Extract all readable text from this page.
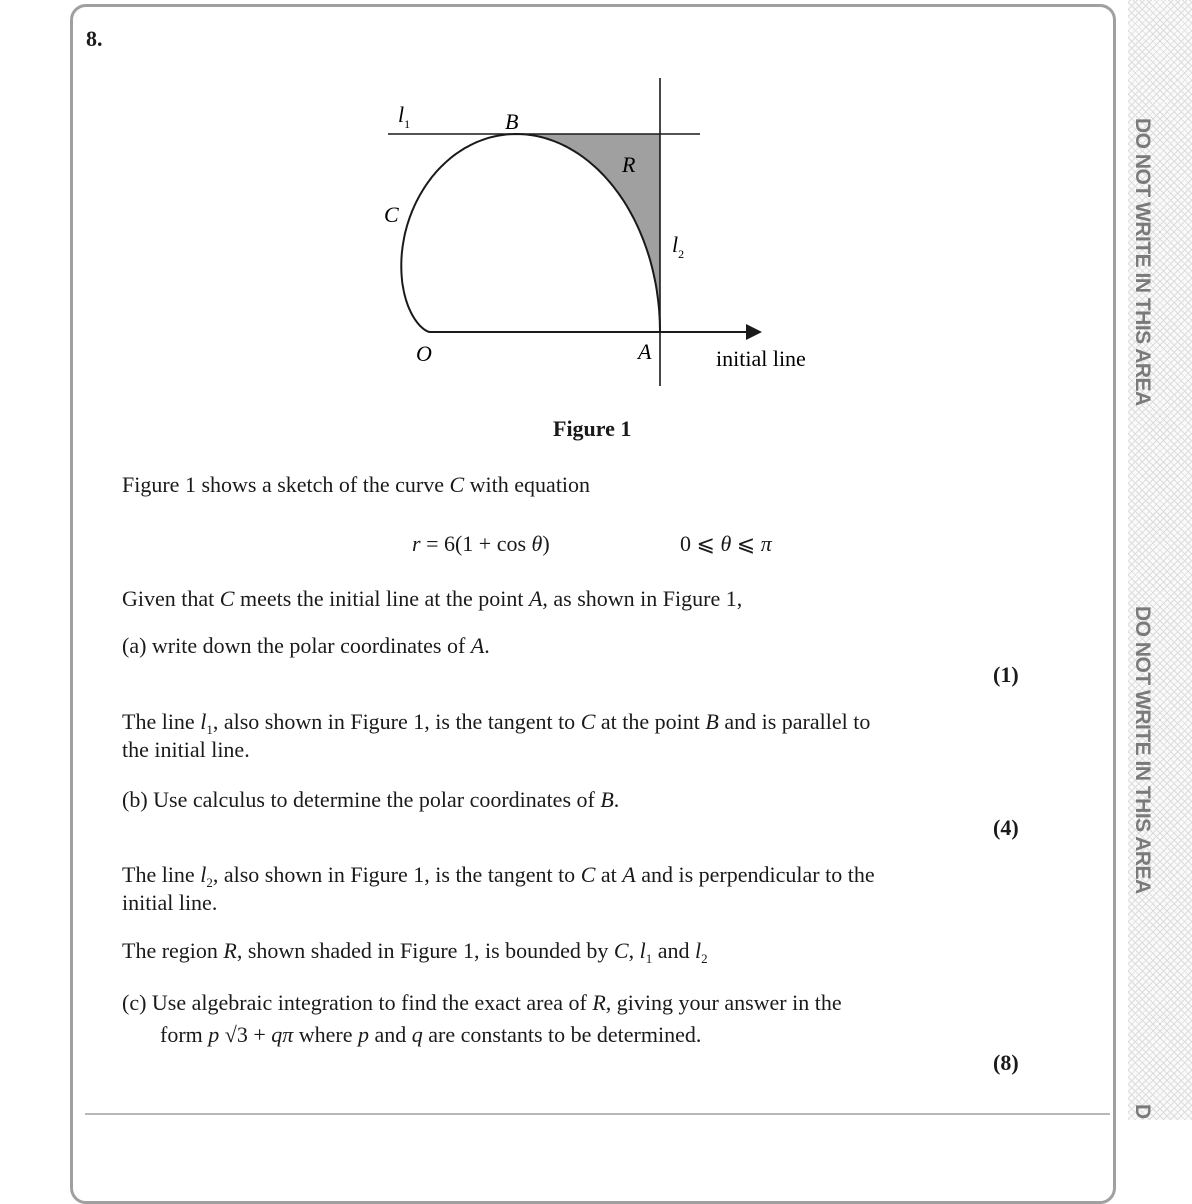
DO NOT WRITE IN THIS AREA
DO NOT WRITE IN THIS AREA
D
8.
$l_1$	B
R
C
$l_2$
O	A	initial line
Figure 1
Figure 1 shows a sketch of the curve C with equation
r = 6(1 + cos θ)	0 ⩽ θ ⩽ π
Given that C meets the initial line at the point A, as shown in Figure 1,
(a) write down the polar coordinates of A.
(1)
The line $l_1$, also shown in Figure 1, is the tangent to C at the point B and is parallel to
the initial line.
(b) Use calculus to determine the polar coordinates of B.
(4)
The line $l_2$, also shown in Figure 1, is the tangent to C at A and is perpendicular to the
initial line.
The region R, shown shaded in Figure 1, is bounded by C, $l_1$ and $l_2$
(c) Use algebraic integration to find the exact area of R, giving your answer in the
form p √3 + qπ where p and q are constants to be determined.
(8)
